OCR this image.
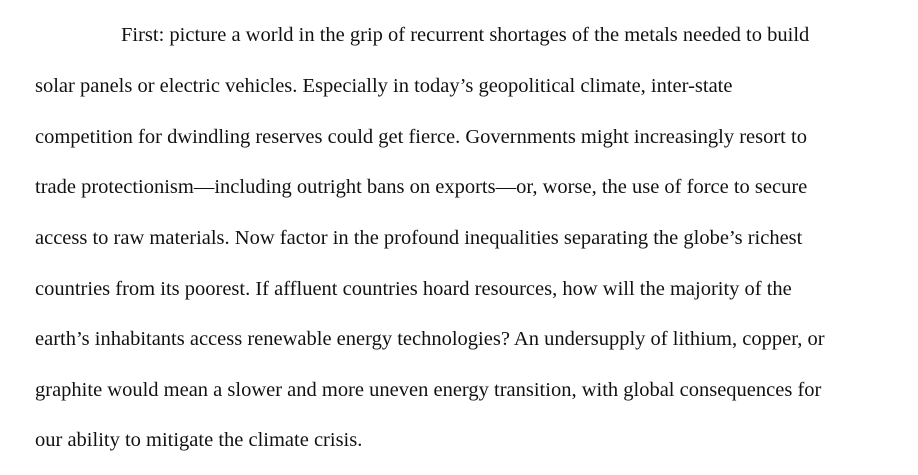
First: picture a world in the grip of recurrent shortages of the metals needed to build
solar panels or electric vehicles. Especially in today’s geopolitical climate, inter-state
competition for dwindling reserves could get fierce. Governments might increasingly resort to
trade protectionism—including outright bans on exports—or, worse, the use of force to secure
access to raw materials. Now factor in the profound inequalities separating the globe’s richest
countries from its poorest. If affluent countries hoard resources, how will the majority of the
earth’s inhabitants access renewable energy technologies? An undersupply of lithium, copper, or
graphite would mean a slower and more uneven energy transition, with global consequences for
our ability to mitigate the climate crisis.
